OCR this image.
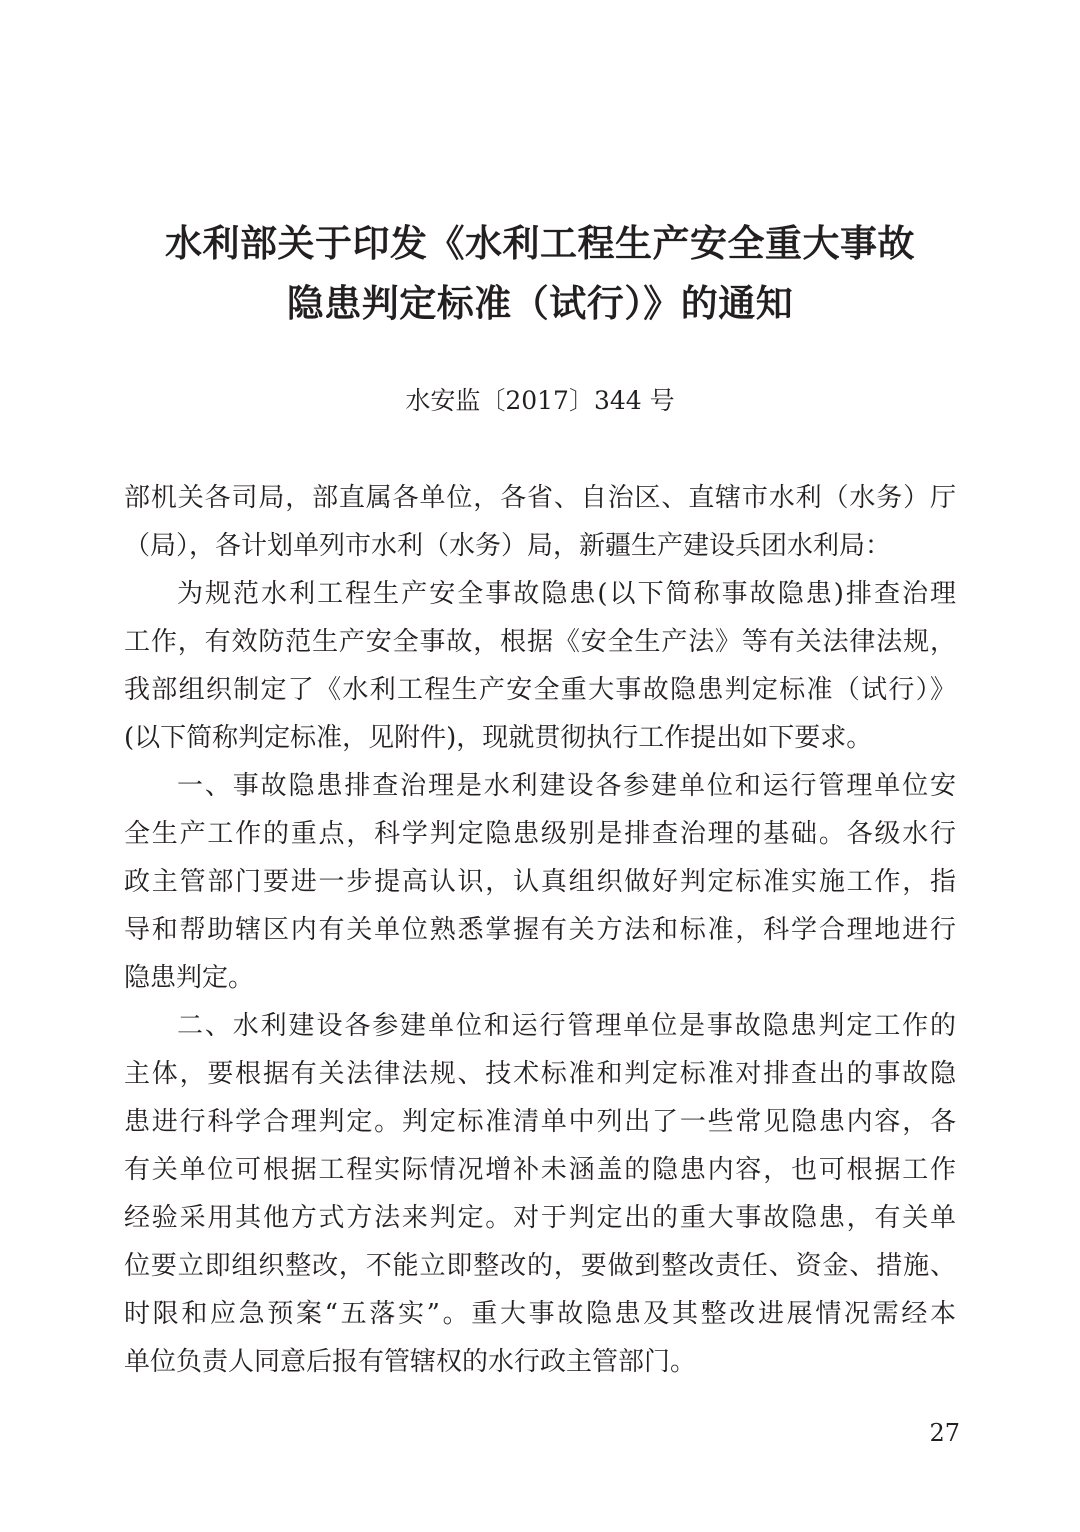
水利部关于印发《水利工程生产安全重大事故
隐患判定标准（试行）》的通知
水安监〔2017〕344 号
部机关各司局，部直属各单位，各省、自治区、直辖市水利（水务）厅
（局），各计划单列市水利（水务）局，新疆生产建设兵团水利局：
为规范水利工程生产安全事故隐患(以下简称事故隐患)排查治理
工作，有效防范生产安全事故，根据《安全生产法》等有关法律法规，
我部组织制定了《水利工程生产安全重大事故隐患判定标准（试行）》
(以下简称判定标准，见附件)，现就贯彻执行工作提出如下要求。
一、事故隐患排查治理是水利建设各参建单位和运行管理单位安
全生产工作的重点，科学判定隐患级别是排查治理的基础。各级水行
政主管部门要进一步提高认识，认真组织做好判定标准实施工作，指
导和帮助辖区内有关单位熟悉掌握有关方法和标准，科学合理地进行
隐患判定。
二、水利建设各参建单位和运行管理单位是事故隐患判定工作的
主体，要根据有关法律法规、技术标准和判定标准对排查出的事故隐
患进行科学合理判定。判定标准清单中列出了一些常见隐患内容，各
有关单位可根据工程实际情况增补未涵盖的隐患内容，也可根据工作
经验采用其他方式方法来判定。对于判定出的重大事故隐患，有关单
位要立即组织整改，不能立即整改的，要做到整改责任、资金、措施、
时限和应急预案“五落实”。重大事故隐患及其整改进展情况需经本
单位负责人同意后报有管辖权的水行政主管部门。
27
